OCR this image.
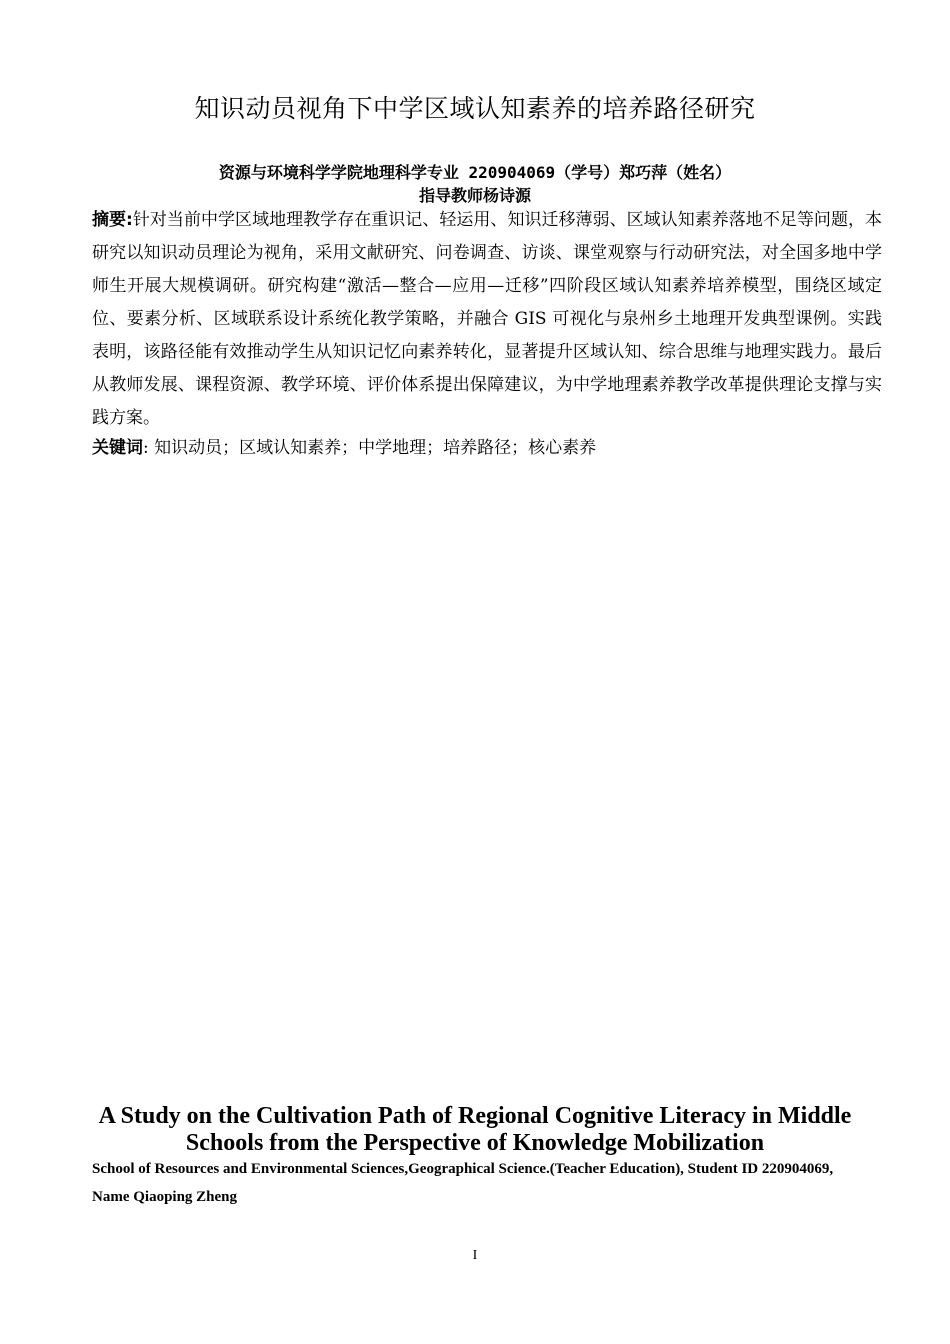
知识动员视角下中学区域认知素养的培养路径研究
资源与环境科学学院地理科学专业 220904069（学号）郑巧萍（姓名）
指导教师杨诗源
摘要:针对当前中学区域地理教学存在重识记、轻运用、知识迁移薄弱、区域认知素养落地不足等问题，本研究以知识动员理论为视角，采用文献研究、问卷调查、访谈、课堂观察与行动研究法，对全国多地中学师生开展大规模调研。研究构建“激活—整合—应用—迁移”四阶段区域认知素养培养模型，围绕区域定位、要素分析、区域联系设计系统化教学策略，并融合 GIS 可视化与泉州乡土地理开发典型课例。实践表明，该路径能有效推动学生从知识记忆向素养转化，显著提升区域认知、综合思维与地理实践力。最后从教师发展、课程资源、教学环境、评价体系提出保障建议，为中学地理素养教学改革提供理论支撑与实践方案。
关键词: 知识动员；区域认知素养；中学地理；培养路径；核心素养
A Study on the Cultivation Path of Regional Cognitive Literacy in Middle Schools from the Perspective of Knowledge Mobilization
School of Resources and Environmental Sciences,Geographical Science.(Teacher Education), Student ID 220904069, Name Qiaoping Zheng
I
